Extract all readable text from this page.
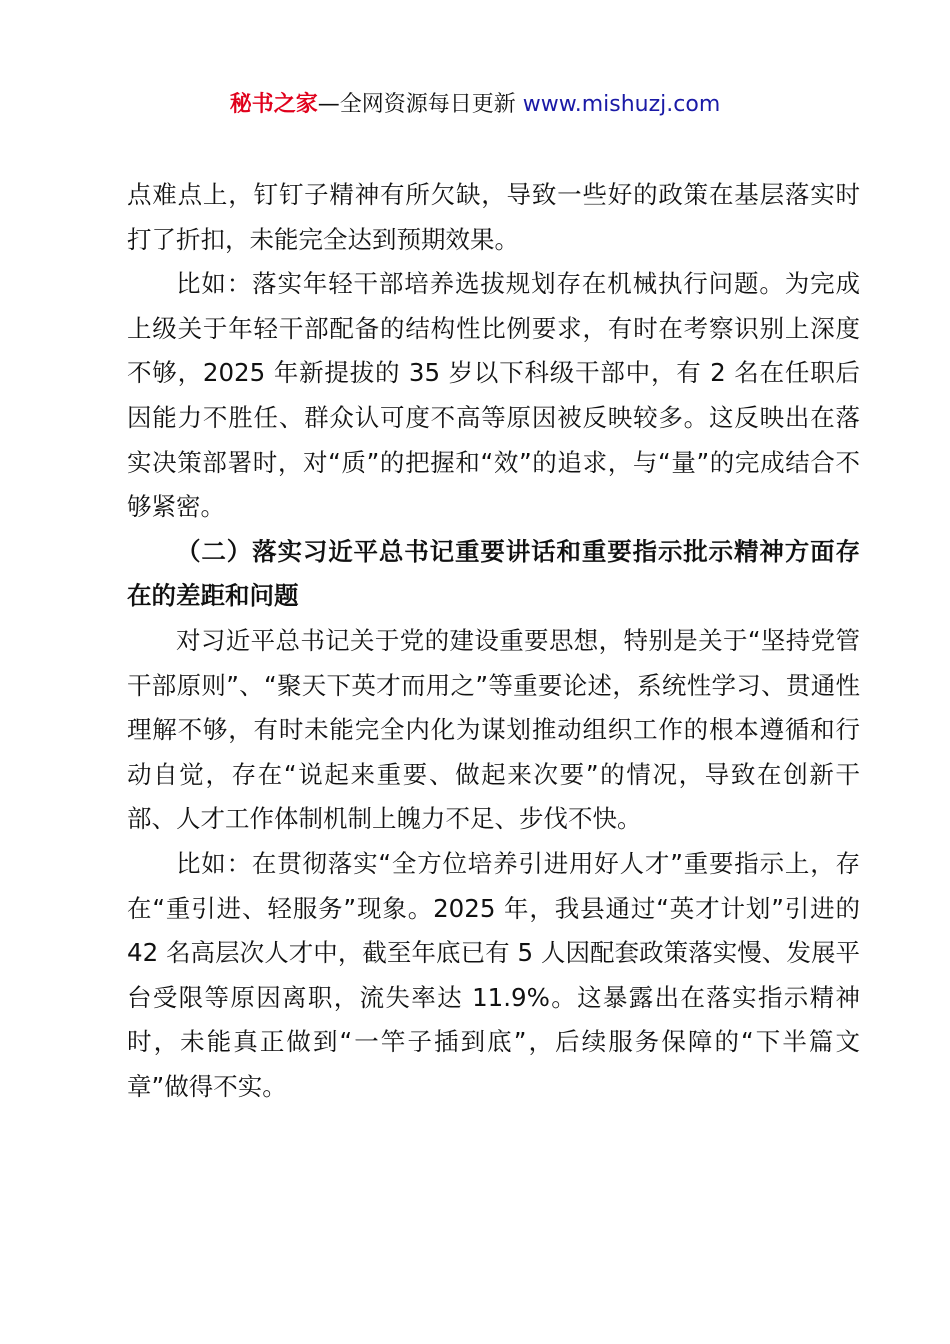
秘书之家—全网资源每日更新 www.mishuzj.com

点难点上，钉钉子精神有所欠缺，导致一些好的政策在基层落实时打了折扣，未能完全达到预期效果。

比如：落实年轻干部培养选拔规划存在机械执行问题。为完成上级关于年轻干部配备的结构性比例要求，有时在考察识别上深度不够，2025 年新提拔的 35 岁以下科级干部中，有 2 名在任职后因能力不胜任、群众认可度不高等原因被反映较多。这反映出在落实决策部署时，对“质”的把握和“效”的追求，与“量”的完成结合不够紧密。

（二）落实习近平总书记重要讲话和重要指示批示精神方面存在的差距和问题

对习近平总书记关于党的建设重要思想，特别是关于“坚持党管干部原则”、“聚天下英才而用之”等重要论述，系统性学习、贯通性理解不够，有时未能完全内化为谋划推动组织工作的根本遵循和行动自觉，存在“说起来重要、做起来次要”的情况，导致在创新干部、人才工作体制机制上魄力不足、步伐不快。

比如：在贯彻落实“全方位培养引进用好人才”重要指示上，存在“重引进、轻服务”现象。2025 年，我县通过“英才计划”引进的 42 名高层次人才中，截至年底已有 5 人因配套政策落实慢、发展平台受限等原因离职，流失率达 11.9%。这暴露出在落实指示精神时，未能真正做到“一竿子插到底”，后续服务保障的“下半篇文章”做得不实。
